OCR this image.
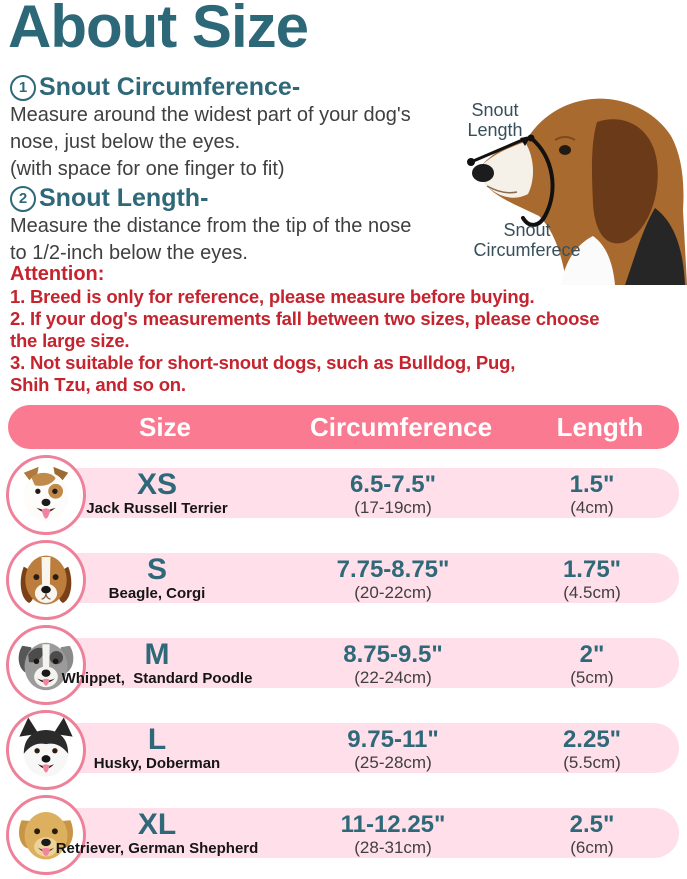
About Size
Snout
Length
Snout
Circumferece
1 Snout Circumference-
Measure around the widest part of your dog's
nose, just below the eyes.
(with space for one finger to fit)
2 Snout Length-
Measure the distance from the tip of the nose
to 1/2-inch below the eyes.
Attention:
1. Breed is only for reference, please measure before buying.
2. If your dog's measurements fall between two sizes, please choose
the large size.
3. Not suitable for short-snout dogs, such as Bulldog, Pug,
Shih Tzu, and so on.
Size	Circumference	Length
XS
Jack Russell Terrier
6.5-7.5"
(17-19cm)
1.5"
(4cm)
S
Beagle, Corgi
7.75-8.75"
(20-22cm)
1.75"
(4.5cm)
M
Whippet,  Standard Poodle
8.75-9.5"
(22-24cm)
2"
(5cm)
L
Husky, Doberman
9.75-11"
(25-28cm)
2.25"
(5.5cm)
XL
Retriever, German Shepherd
11-12.25"
(28-31cm)
2.5"
(6cm)
